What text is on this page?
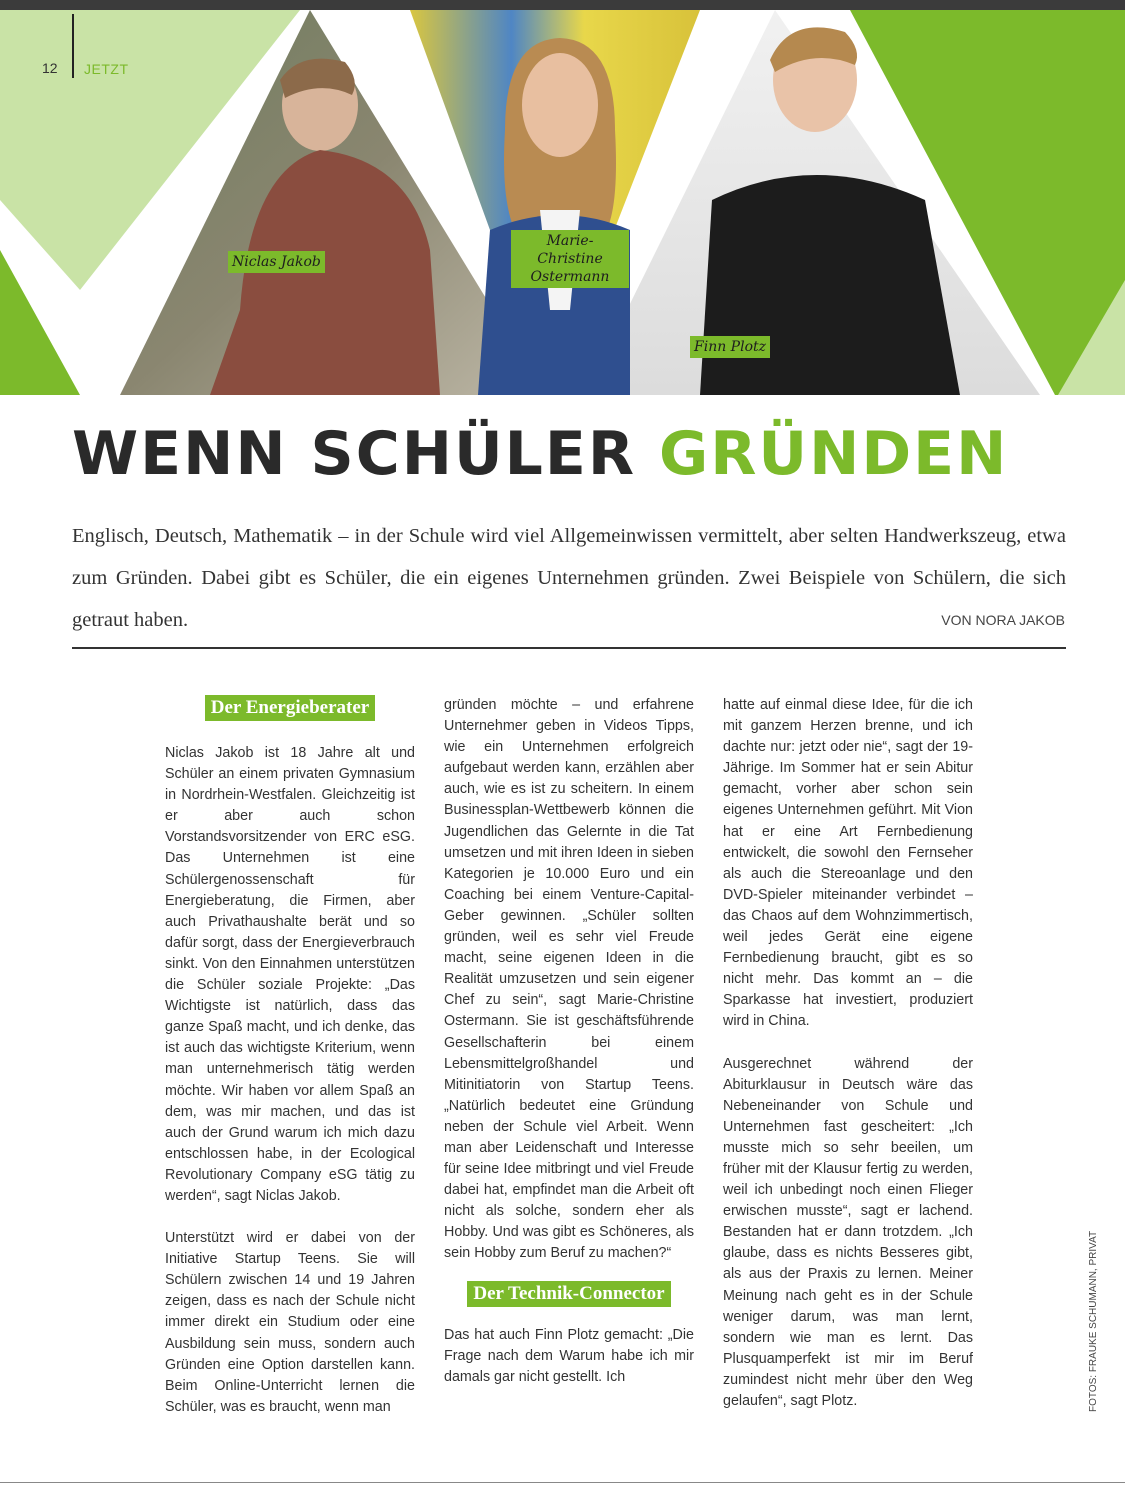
12 JETZT
Niclas Jakob
Marie-Christine
Ostermann
Finn Plotz
WENN SCHÜLER GRÜNDEN
Englisch, Deutsch, Mathematik – in der Schule wird viel Allgemeinwissen vermittelt, aber selten Handwerkszeug, etwa zum Gründen. Dabei gibt es Schüler, die ein eigenes Unternehmen gründen. Zwei Beispiele von Schülern, die sich getraut haben.	VON NORA JAKOB
Der Energieberater

Niclas Jakob ist 18 Jahre alt und Schüler an einem privaten Gymnasium in Nordrhein-Westfalen. Gleichzeitig ist er aber auch schon Vorstandsvorsitzender von ERC eSG. Das Unternehmen ist eine Schülergenossenschaft für Energieberatung, die Firmen, aber auch Privathaushalte berät und so dafür sorgt, dass der Energieverbrauch sinkt. Von den Einnahmen unterstützen die Schüler soziale Projekte: „Das Wichtigste ist natürlich, dass das ganze Spaß macht, und ich denke, das ist auch das wichtigste Kriterium, wenn man unternehmerisch tätig werden möchte. Wir haben vor allem Spaß an dem, was mir machen, und das ist auch der Grund warum ich mich dazu entschlossen habe, in der Ecological Revolutionary Company eSG tätig zu werden“, sagt Niclas Jakob.

Unterstützt wird er dabei von der Initiative Startup Teens. Sie will Schülern zwischen 14 und 19 Jahren zeigen, dass es nach der Schule nicht immer direkt ein Studium oder eine Ausbildung sein muss, sondern auch Gründen eine Option darstellen kann. Beim Online-Unterricht lernen die Schüler, was es braucht, wenn man

gründen möchte – und erfahrene Unternehmer geben in Videos Tipps, wie ein Unternehmen erfolgreich aufgebaut werden kann, erzählen aber auch, wie es ist zu scheitern. In einem Businessplan-Wettbewerb können die Jugendlichen das Gelernte in die Tat umsetzen und mit ihren Ideen in sieben Kategorien je 10.000 Euro und ein Coaching bei einem Venture-Capital-Geber gewinnen. „Schüler sollten gründen, weil es sehr viel Freude macht, seine eigenen Ideen in die Realität umzusetzen und sein eigener Chef zu sein“, sagt Marie-Christine Ostermann. Sie ist geschäftsführende Gesellschafterin bei einem Lebensmittelgroßhandel und Mitinitiatorin von Startup Teens. „Natürlich bedeutet eine Gründung neben der Schule viel Arbeit. Wenn man aber Leidenschaft und Interesse für seine Idee mitbringt und viel Freude dabei hat, empfindet man die Arbeit oft nicht als solche, sondern eher als Hobby. Und was gibt es Schöneres, als sein Hobby zum Beruf zu machen?“

Der Technik-Connector

Das hat auch Finn Plotz gemacht: „Die Frage nach dem Warum habe ich mir damals gar nicht gestellt. Ich

hatte auf einmal diese Idee, für die ich mit ganzem Herzen brenne, und ich dachte nur: jetzt oder nie“, sagt der 19-Jährige. Im Sommer hat er sein Abitur gemacht, vorher aber schon sein eigenes Unternehmen geführt. Mit Vion hat er eine Art Fernbedienung entwickelt, die sowohl den Fernseher als auch die Stereoanlage und den DVD-Spieler miteinander verbindet – das Chaos auf dem Wohnzimmertisch, weil jedes Gerät eine eigene Fernbedienung braucht, gibt es so nicht mehr. Das kommt an – die Sparkasse hat investiert, produziert wird in China.

Ausgerechnet während der Abiturklausur in Deutsch wäre das Nebeneinander von Schule und Unternehmen fast gescheitert: „Ich musste mich so sehr beeilen, um früher mit der Klausur fertig zu werden, weil ich unbedingt noch einen Flieger erwischen musste“, sagt er lachend. Bestanden hat er dann trotzdem. „Ich glaube, dass es nichts Besseres gibt, als aus der Praxis zu lernen. Meiner Meinung nach geht es in der Schule weniger darum, was man lernt, sondern wie man es lernt. Das Plusquamperfekt ist mir im Beruf zumindest nicht mehr über den Weg gelaufen“, sagt Plotz.	FOTOS: FRAUKE SCHUMANN, PRIVAT
